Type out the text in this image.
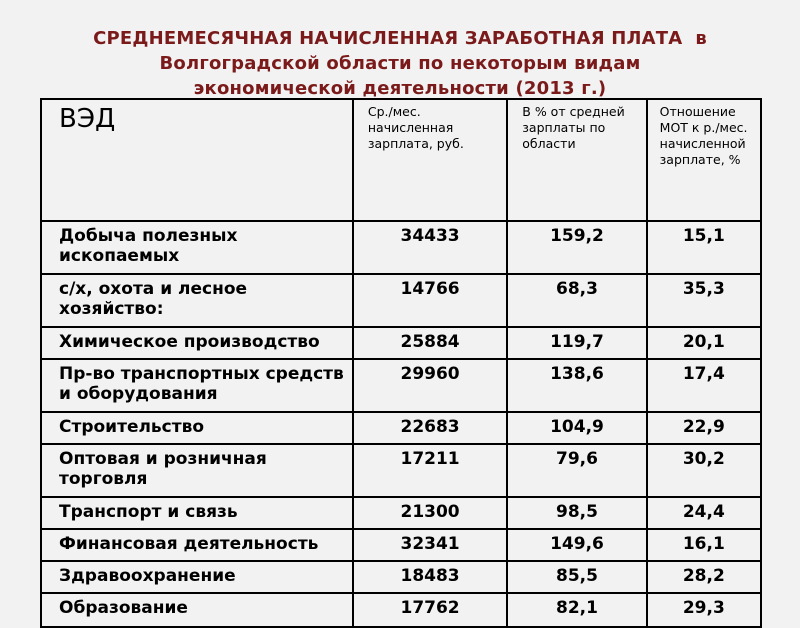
СРЕДНЕМЕСЯЧНАЯ НАЧИСЛЕННАЯ ЗАРАБОТНАЯ ПЛАТА  в
Волгоградской области по некоторым видам
экономической деятельности (2013 г.)
ВЭД	Ср./мес. начисленная зарплата, руб.	В % от средней зарплаты по области	Отношение МОТ к р./мес. начисленной зарплате, %
Добыча полезных ископаемых	34433	159,2	15,1
с/х, охота и лесное хозяйство:	14766	68,3	35,3
Химическое производство	25884	119,7	20,1
Пр-во транспортных средств и оборудования	29960	138,6	17,4
Строительство	22683	104,9	22,9
Оптовая и розничная торговля	17211	79,6	30,2
Транспорт и связь	21300	98,5	24,4
Финансовая деятельность	32341	149,6	16,1
Здравоохранение	18483	85,5	28,2
Образование	17762	82,1	29,3
